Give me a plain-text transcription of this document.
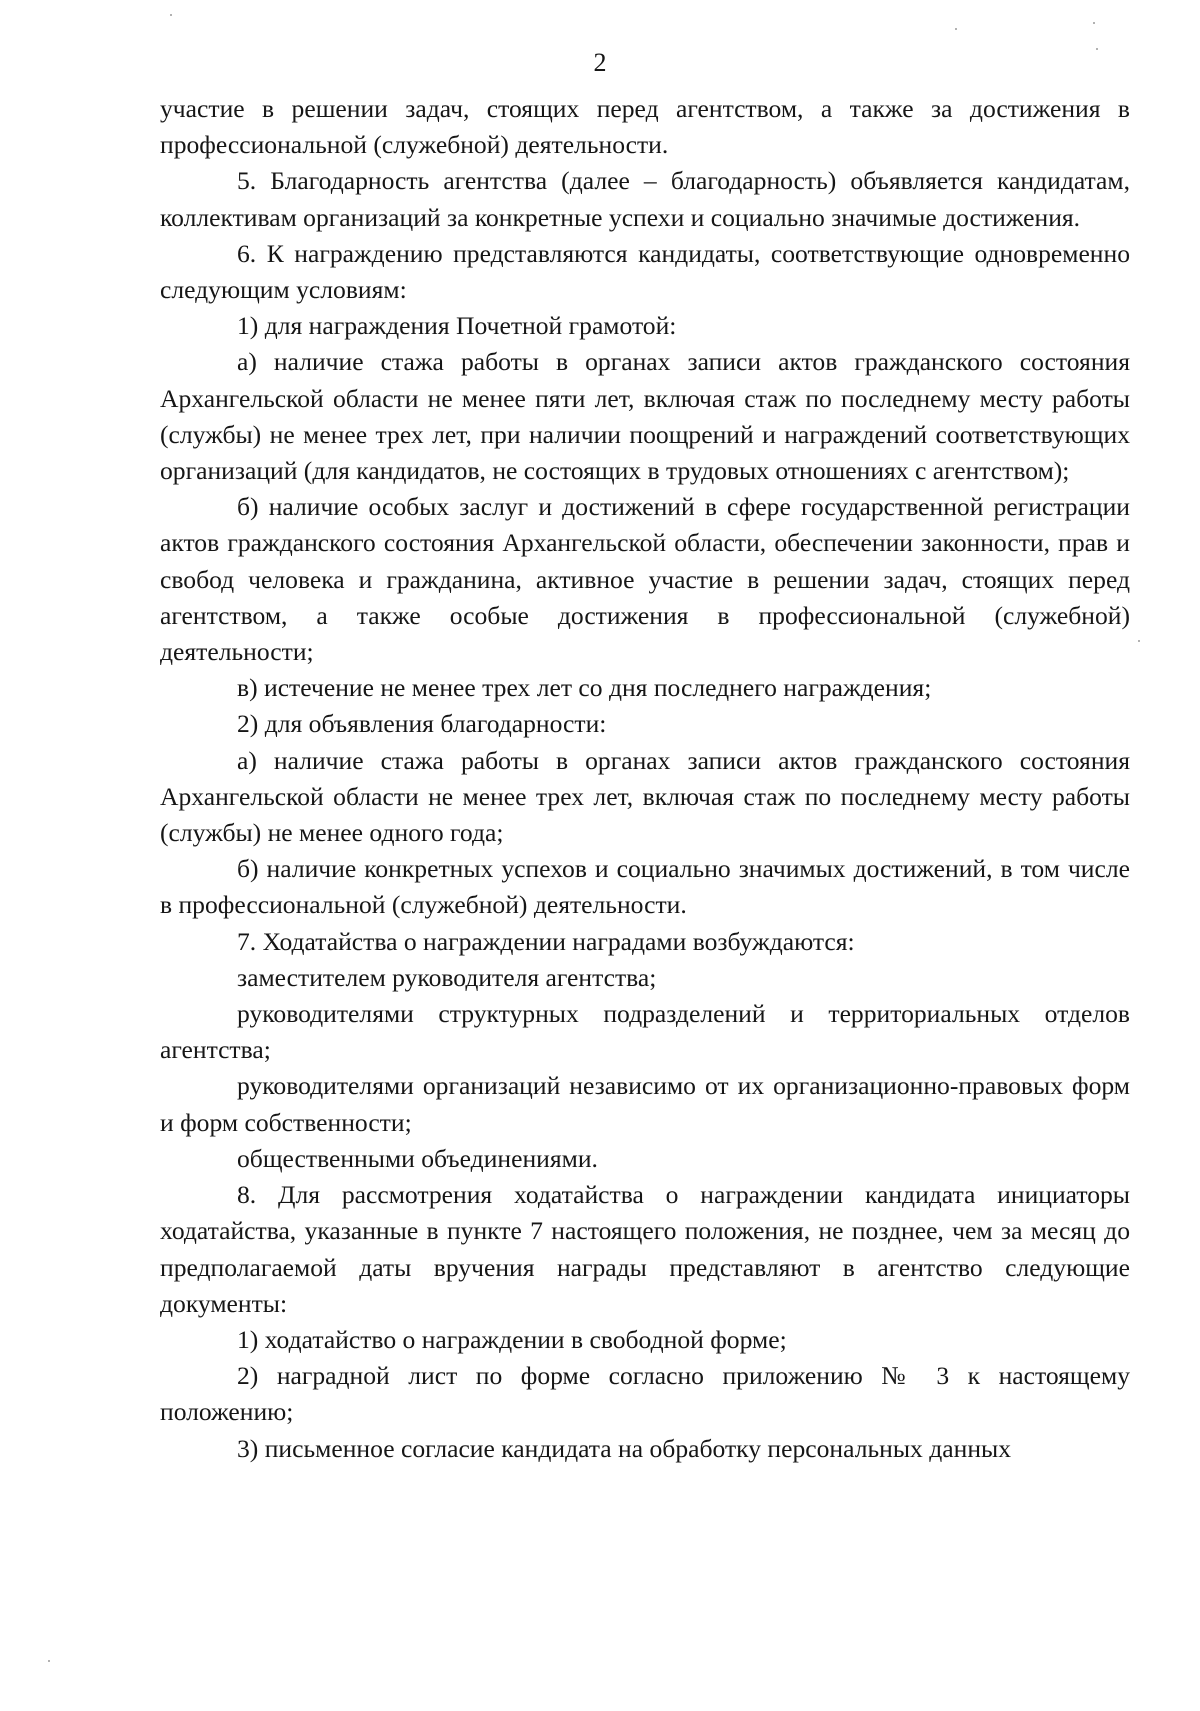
2

участие в решении задач, стоящих перед агентством, а также за достижения в профессиональной (служебной) деятельности.

5. Благодарность агентства (далее – благодарность) объявляется кандидатам, коллективам организаций за конкретные успехи и социально значимые достижения.

6. К награждению представляются кандидаты, соответствующие одновременно следующим условиям:

1) для награждения Почетной грамотой:

а) наличие стажа работы в органах записи актов гражданского состояния Архангельской области не менее пяти лет, включая стаж по последнему месту работы (службы) не менее трех лет, при наличии поощрений и награждений соответствующих организаций (для кандидатов, не состоящих в трудовых отношениях с агентством);

б) наличие особых заслуг и достижений в сфере государственной регистрации актов гражданского состояния Архангельской области, обеспечении законности, прав и свобод человека и гражданина, активное участие в решении задач, стоящих перед агентством, а также особые достижения в профессиональной (служебной) деятельности;

в) истечение не менее трех лет со дня последнего награждения;

2) для объявления благодарности:

а) наличие стажа работы в органах записи актов гражданского состояния Архангельской области не менее трех лет, включая стаж по последнему месту работы (службы) не менее одного года;

б) наличие конкретных успехов и социально значимых достижений, в том числе в профессиональной (служебной) деятельности.

7. Ходатайства о награждении наградами возбуждаются:

заместителем руководителя агентства;

руководителями структурных подразделений и территориальных отделов агентства;

руководителями организаций независимо от их организационно-правовых форм и форм собственности;

общественными объединениями.

8. Для рассмотрения ходатайства о награждении кандидата инициаторы ходатайства, указанные в пункте 7 настоящего положения, не позднее, чем за месяц до предполагаемой даты вручения награды представляют в агентство следующие документы:

1) ходатайство о награждении в свободной форме;

2) наградной лист по форме согласно приложению № 3 к настоящему положению;

3) письменное согласие кандидата на обработку персональных данных
